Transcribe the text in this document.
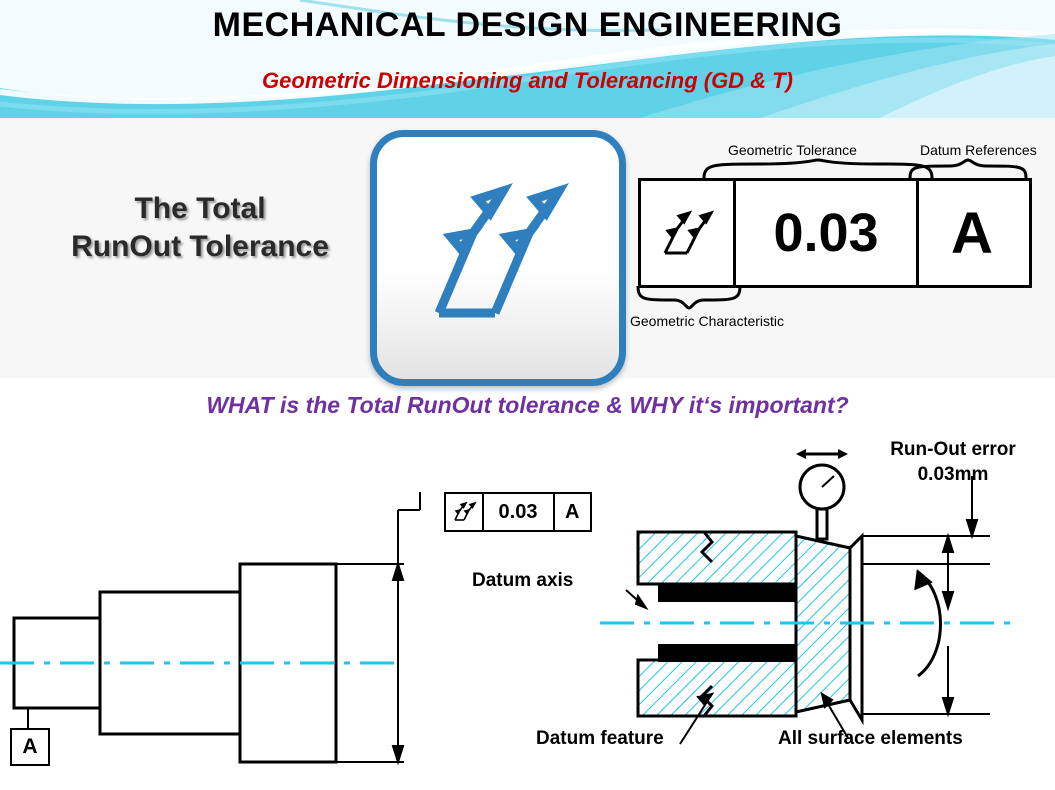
MECHANICAL DESIGN ENGINEERING
Geometric Dimensioning and Tolerancing (GD & T)
The Total
RunOut Tolerance
Geometric Tolerance	Datum References
Geometric Characteristic
0.03	A
WHAT is the Total RunOut tolerance & WHY it‘s important?
0.03	A
A
Run-Out error
0.03mm
Datum axis
Datum feature	All surface elements
